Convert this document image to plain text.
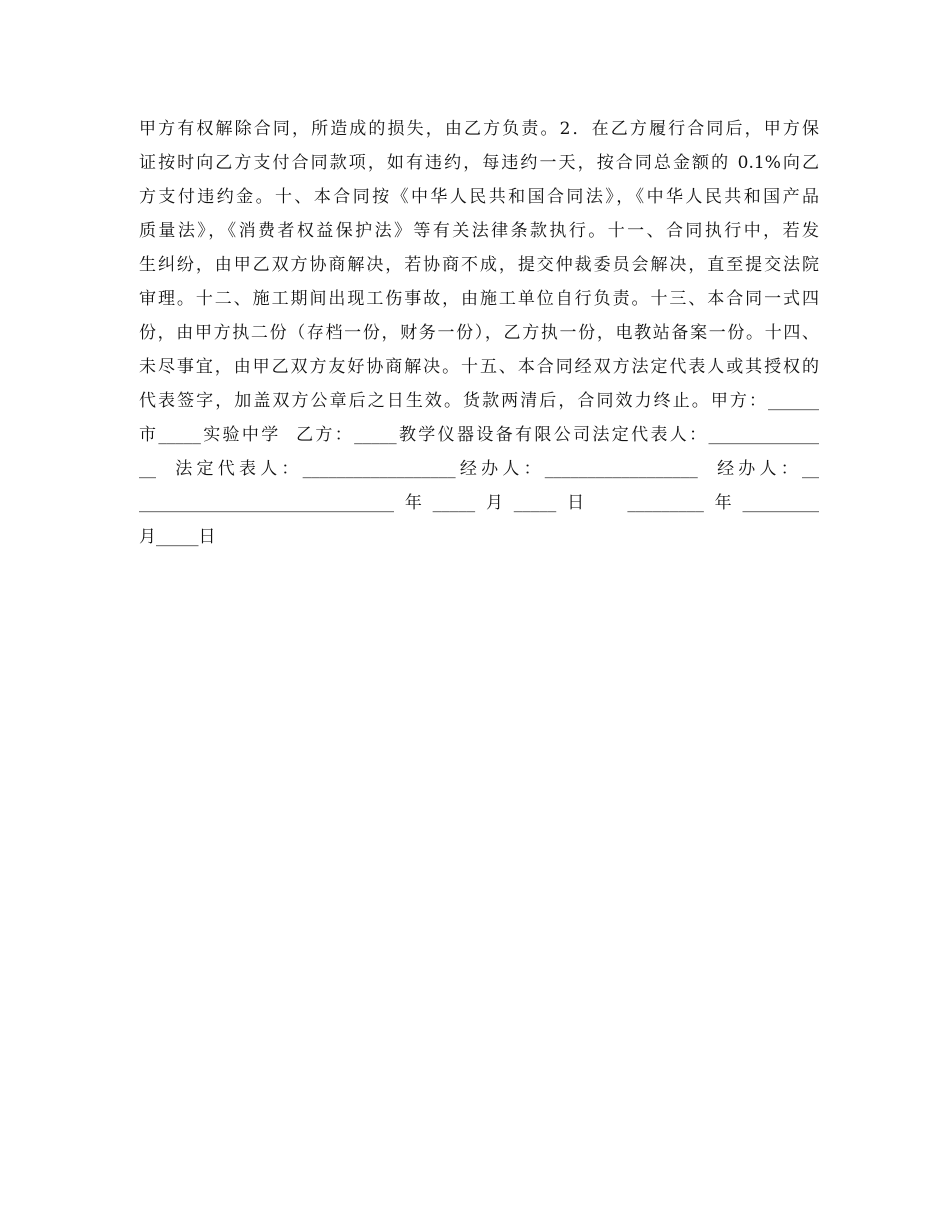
甲方有权解除合同，所造成的损失，由乙方负责。2．在乙方履行合同后，甲方保
证按时向乙方支付合同款项，如有违约，每违约一天，按合同总金额的 0.1%向乙
方支付违约金。十、本合同按《中华人民共和国合同法》，《中华人民共和国产品
质量法》，《消费者权益保护法》等有关法律条款执行。十一、合同执行中，若发
生纠纷，由甲乙双方协商解决，若协商不成，提交仲裁委员会解决，直至提交法院
审理。十二、施工期间出现工伤事故，由施工单位自行负责。十三、本合同一式四
份，由甲方执二份（存档一份，财务一份），乙方执一份，电教站备案一份。十四、
未尽事宜，由甲乙双方友好协商解决。十五、本合同经双方法定代表人或其授权的
代表签字，加盖双方公章后之日生效。货款两清后，合同效力终止。甲方：______
市_____实验中学  乙方：_____教学仪器设备有限公司法定代表人：_____________
__  法定代表人：__________________经办人：__________________  经办人：__
______________________________年_____月_____日  _________年_________
月_____日
